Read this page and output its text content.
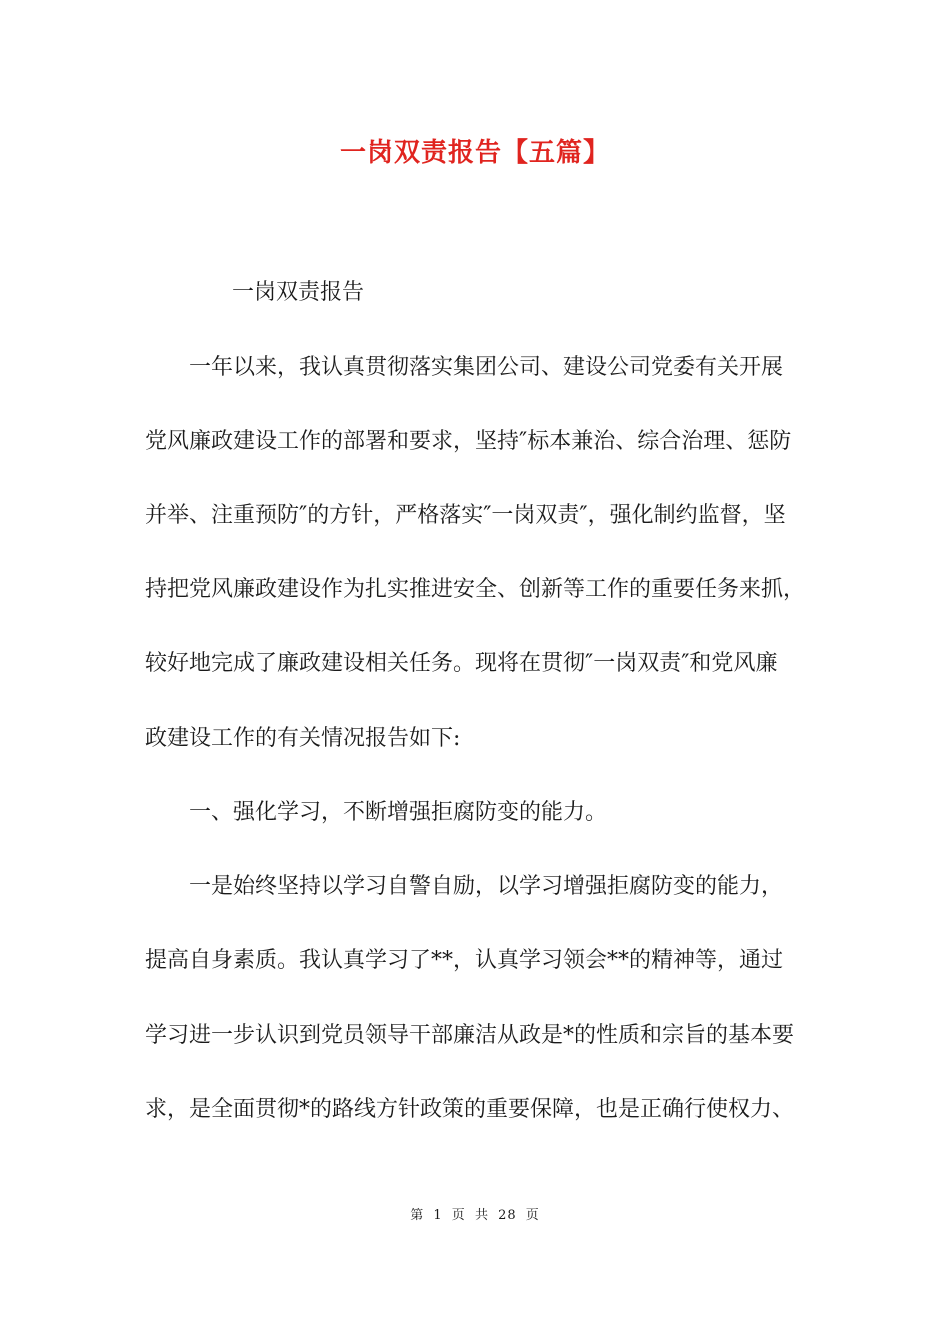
一岗双责报告【五篇】
一岗双责报告
一年以来，我认真贯彻落实集团公司、建设公司党委有关开展
党风廉政建设工作的部署和要求，坚持″标本兼治、综合治理、惩防
并举、注重预防″的方针，严格落实″一岗双责″，强化制约监督，坚
持把党风廉政建设作为扎实推进安全、创新等工作的重要任务来抓，
较好地完成了廉政建设相关任务。现将在贯彻″一岗双责″和党风廉
政建设工作的有关情况报告如下:
一、强化学习，不断增强拒腐防变的能力。
一是始终坚持以学习自警自励，以学习增强拒腐防变的能力，
提高自身素质。我认真学习了**，认真学习领会**的精神等，通过
学习进一步认识到党员领导干部廉洁从政是*的性质和宗旨的基本要
求，是全面贯彻*的路线方针政策的重要保障，也是正确行使权力、
第 1 页 共 28 页
